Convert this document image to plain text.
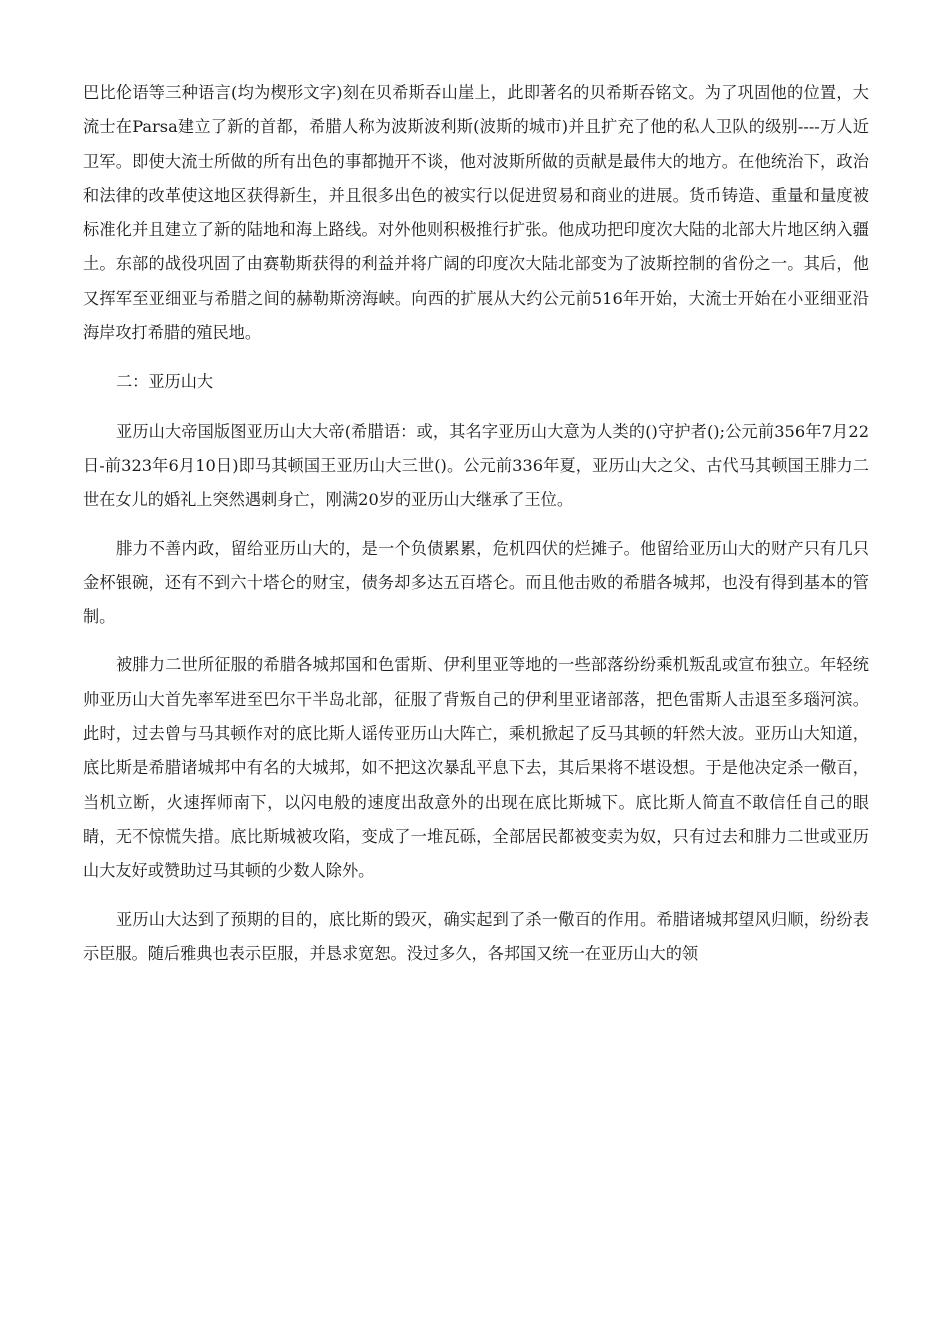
巴比伦语等三种语言(均为楔形文字)刻在贝希斯吞山崖上，此即著名的贝希斯吞铭文。为了巩固他的位置，大流士在Parsa建立了新的首都，希腊人称为波斯波利斯(波斯的城市)并且扩充了他的私人卫队的级别----万人近卫军。即使大流士所做的所有出色的事都抛开不谈，他对波斯所做的贡献是最伟大的地方。在他统治下，政治和法律的改革使这地区获得新生，并且很多出色的被实行以促进贸易和商业的进展。货币铸造、重量和量度被标准化并且建立了新的陆地和海上路线。对外他则积极推行扩张。他成功把印度次大陆的北部大片地区纳入疆土。东部的战役巩固了由赛勒斯获得的利益并将广阔的印度次大陆北部变为了波斯控制的省份之一。其后，他又挥军至亚细亚与希腊之间的赫勒斯滂海峡。向西的扩展从大约公元前516年开始，大流士开始在小亚细亚沿海岸攻打希腊的殖民地。

二：亚历山大

亚历山大帝国版图亚历山大大帝(希腊语：或，其名字亚历山大意为人类的()守护者();公元前356年7月22日-前323年6月10日)即马其顿国王亚历山大三世()。公元前336年夏，亚历山大之父、古代马其顿国王腓力二世在女儿的婚礼上突然遇刺身亡，刚满20岁的亚历山大继承了王位。

腓力不善内政，留给亚历山大的，是一个负债累累，危机四伏的烂摊子。他留给亚历山大的财产只有几只金杯银碗，还有不到六十塔仑的财宝，债务却多达五百塔仑。而且他击败的希腊各城邦，也没有得到基本的管制。

被腓力二世所征服的希腊各城邦国和色雷斯、伊利里亚等地的一些部落纷纷乘机叛乱或宣布独立。年轻统帅亚历山大首先率军进至巴尔干半岛北部，征服了背叛自己的伊利里亚诸部落，把色雷斯人击退至多瑙河滨。此时，过去曾与马其顿作对的底比斯人谣传亚历山大阵亡，乘机掀起了反马其顿的轩然大波。亚历山大知道，底比斯是希腊诸城邦中有名的大城邦，如不把这次暴乱平息下去，其后果将不堪设想。于是他决定杀一儆百，当机立断，火速挥师南下，以闪电般的速度出敌意外的出现在底比斯城下。底比斯人简直不敢信任自己的眼睛，无不惊慌失措。底比斯城被攻陷，变成了一堆瓦砾，全部居民都被变卖为奴，只有过去和腓力二世或亚历山大友好或赞助过马其顿的少数人除外。

亚历山大达到了预期的目的，底比斯的毁灭，确实起到了杀一儆百的作用。希腊诸城邦望风归顺，纷纷表示臣服。随后雅典也表示臣服，并恳求宽恕。没过多久，各邦国又统一在亚历山大的领
